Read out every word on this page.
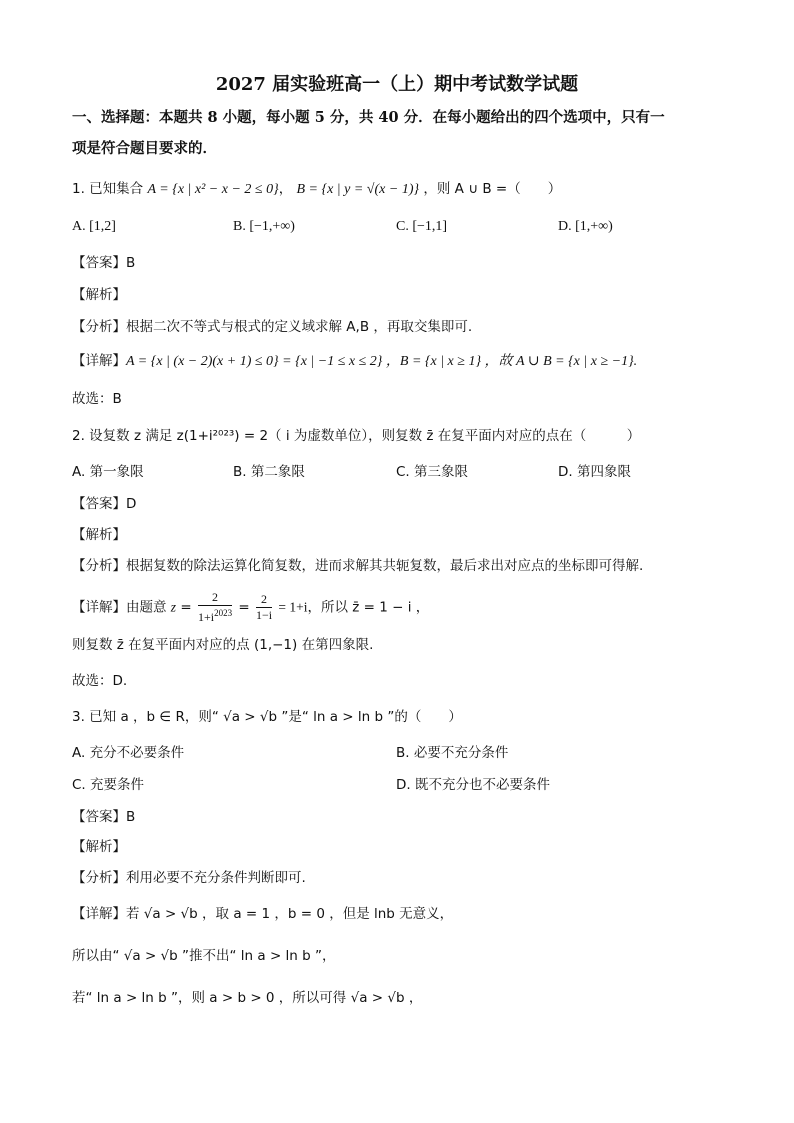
2027 届实验班高一（上）期中考试数学试题
一、选择题：本题共 8 小题，每小题 5 分，共 40 分．在每小题给出的四个选项中，只有一
项是符合题目要求的．
1. 已知集合 A = {x | x² − x − 2 ≤ 0}， B = {x | y = √(x − 1)} ，则 A ∪ B =（　　）
A. [1,2]	B. [−1,+∞)	C. [−1,1]	D. [1,+∞)
【答案】B
【解析】
【分析】根据二次不等式与根式的定义域求解 A,B ，再取交集即可.
【详解】A = {x | (x − 2)(x + 1) ≤ 0} = {x | −1 ≤ x ≤ 2} ，B = {x | x ≥ 1} ，故 A ∪ B = {x | x ≥ −1}.
故选：B
2. 设复数 z 满足 z(1+i²⁰²³) = 2（ i 为虚数单位），则复数 z̄ 在复平面内对应的点在（　　　）
A. 第一象限	B. 第二象限	C. 第三象限	D. 第四象限
【答案】D
【解析】
【分析】根据复数的除法运算化简复数，进而求解其共轭复数，最后求出对应点的坐标即可得解.
【详解】由题意 $z = \frac{2}{1+i^{2023}} = \frac{2}{1-i} = 1+i$，所以 z̄ = 1 − i ，
则复数 z̄ 在复平面内对应的点 (1,−1) 在第四象限.
故选：D.
3. 已知 a ，b ∈ R，则“ √a > √b ”是“ ln a > ln b ”的（　　）
A. 充分不必要条件	B. 必要不充分条件
C. 充要条件	D. 既不充分也不必要条件
【答案】B
【解析】
【分析】利用必要不充分条件判断即可.
【详解】若 √a > √b ，取 a = 1 ，b = 0 ，但是 lnb 无意义，
所以由“ √a > √b ”推不出“ ln a > ln b ”，
若“ ln a > ln b ”，则 a > b > 0 ，所以可得 √a > √b ，
